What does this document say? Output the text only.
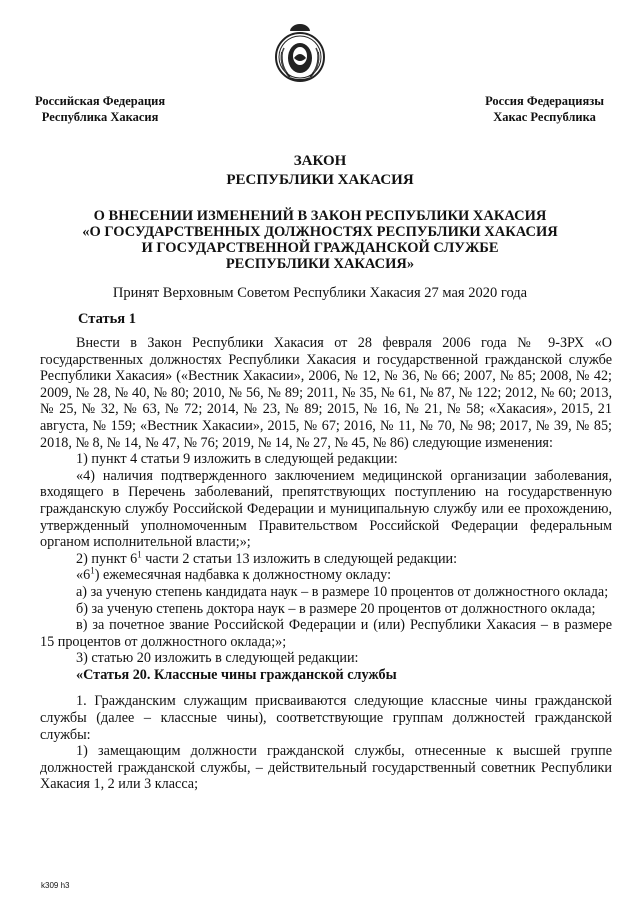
Российская Федерация
Республика Хакасия
Россия Федерациязы
Хакас Республика
ЗАКОН
РЕСПУБЛИКИ ХАКАСИЯ
О ВНЕСЕНИИ ИЗМЕНЕНИЙ В ЗАКОН РЕСПУБЛИКИ ХАКАСИЯ
«О ГОСУДАРСТВЕННЫХ ДОЛЖНОСТЯХ РЕСПУБЛИКИ ХАКАСИЯ
И ГОСУДАРСТВЕННОЙ ГРАЖДАНСКОЙ СЛУЖБЕ
РЕСПУБЛИКИ ХАКАСИЯ»
Принят Верховным Советом Республики Хакасия 27 мая 2020 года
Статья 1

Внести в Закон Республики Хакасия от 28 февраля 2006 года № 9-ЗРХ «О государственных должностях Республики Хакасия и государственной гражданской службе Республики Хакасия» («Вестник Хакасии», 2006, № 12, № 36, № 66; 2007, № 85; 2008, № 42; 2009, № 28, № 40, № 80; 2010, № 56, № 89; 2011, № 35, № 61, № 87, № 122; 2012, № 60; 2013, № 25, № 32, № 63, № 72; 2014, № 23, № 89; 2015, № 16, № 21, № 58; «Хакасия», 2015, 21 августа, № 159; «Вестник Хакасии», 2015, № 67; 2016, № 11, № 70, № 98; 2017, № 39, № 85; 2018, № 8, № 14, № 47, № 76; 2019, № 14, № 27, № 45, № 86) следующие изменения:

1) пункт 4 статьи 9 изложить в следующей редакции:

«4) наличия подтвержденного заключением медицинской организации заболевания, входящего в Перечень заболеваний, препятствующих поступлению на государственную гражданскую службу Российской Федерации и муниципальную службу или ее прохождению, утвержденный уполномоченным Правительством Российской Федерации федеральным органом исполнительной власти;»;

2) пункт $6^1$ части 2 статьи 13 изложить в следующей редакции:

«$6^1$) ежемесячная надбавка к должностному окладу:

а) за ученую степень кандидата наук – в размере 10 процентов от должностного оклада;

б) за ученую степень доктора наук – в размере 20 процентов от должностного оклада;

в) за почетное звание Российской Федерации и (или) Республики Хакасия – в размере 15 процентов от должностного оклада;»;

3) статью 20 изложить в следующей редакции:

«Статья 20. Классные чины гражданской службы

1. Гражданским служащим присваиваются следующие классные чины гражданской службы (далее – классные чины), соответствующие группам должностей гражданской службы:

1) замещающим должности гражданской службы, отнесенные к высшей группе должностей гражданской службы, – действительный государственный советник Республики Хакасия 1, 2 или 3 класса;

k309 h3
